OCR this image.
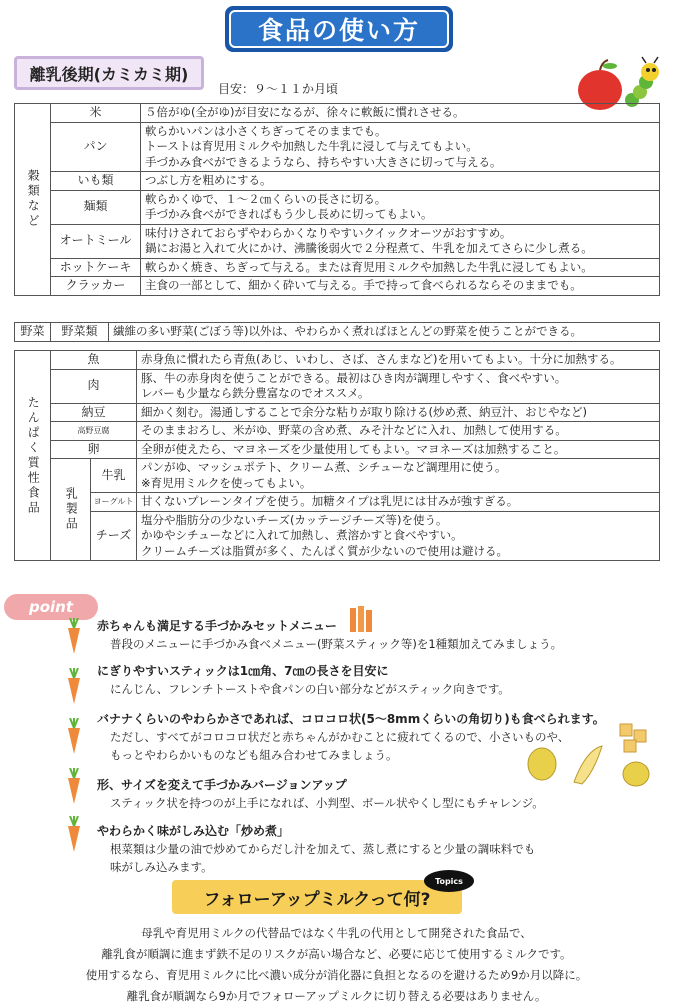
食品の使い方
離乳後期(カミカミ期)
目安：９～１１か月頃
穀類など	米	５倍がゆ(全がゆ)が目安になるが、徐々に軟飯に慣れさせる。

	パン	軟らかいパンは小さくちぎってそのままでも。
トーストは育児用ミルクや加熱した牛乳に浸して与えてもよい。
手づかみ食べができるようなら、持ちやすい大きさに切って与える。

	いも類	つぶし方を粗めにする。

	麺類	軟らかくゆで、１～２㎝くらいの長さに切る。
手づかみ食べができればもう少し長めに切ってもよい。

	オートミール	味付けされておらずやわらかくなりやすいクイックオーツがおすすめ。
鍋にお湯と入れて火にかけ、沸騰後弱火で２分程煮て、牛乳を加えてさらに少し煮る。

	ホットケーキ	軟らかく焼き、ちぎって与える。または育児用ミルクや加熱した牛乳に浸してもよい。

	クラッカー	主食の一部として、細かく砕いて与える。手で持って食べられるならそのままでも。
野菜	野菜類	繊維の多い野菜(ごぼう等)以外は、やわらかく煮ればほとんどの野菜を使うことができる。
たんぱく質性食品	魚		赤身魚に慣れたら青魚(あじ、いわし、さば、さんまなど)を用いてもよい。十分に加熱する。

	肉		豚、牛の赤身肉を使うことができる。最初はひき肉が調理しやすく、食べやすい。
レバーも少量なら鉄分豊富なのでオススメ。

	納豆		細かく刻む。湯通しすることで余分な粘りが取り除ける(炒め煮、納豆汁、おじやなど)

	高野豆腐		そのままおろし、米がゆ、野菜の含め煮、みそ汁などに入れ、加熱して使用する。

	卵		全卵が使えたら、マヨネーズを少量使用してもよい。マヨネーズは加熱すること。

	乳製品	牛乳	パンがゆ、マッシュポテト、クリーム煮、シチューなど調理用に使う。
※育児用ミルクを使ってもよい。

		ヨーグルト	甘くないプレーンタイプを使う。加糖タイプは乳児には甘みが強すぎる。

		チーズ	塩分や脂肪分の少ないチーズ(カッテージチーズ等)を使う。
かゆやシチューなどに入れて加熱し、煮溶かすと食べやすい。
クリームチーズは脂質が多く、たんぱく質が少ないので使用は避ける。
point
赤ちゃんも満足する手づかみセットメニュー
普段のメニューに手づかみ食べメニュー(野菜スティック等)を1種類加えてみましょう。
にぎりやすいスティックは1㎝角、7㎝の長さを目安に
にんじん、フレンチトーストや食パンの白い部分などがスティック向きです。
バナナくらいのやわらかさであれば、コロコロ状(5～8mmくらいの角切り)も食べられます。
ただし、すべてがコロコロ状だと赤ちゃんがかむことに疲れてくるので、小さいものや、
もっとやわらかいものなども組み合わせてみましょう。
形、サイズを変えて手づかみバージョンアップ
スティック状を持つのが上手になれば、小判型、ボール状やくし型にもチャレンジ。
やわらかく味がしみ込む「炒め煮」
根菜類は少量の油で炒めてからだし汁を加えて、蒸し煮にすると少量の調味料でも
味がしみ込みます。
フォローアップミルクって何?
Topics
母乳や育児用ミルクの代替品ではなく牛乳の代用として開発された食品で、
離乳食が順調に進まず鉄不足のリスクが高い場合など、必要に応じて使用するミルクです。
使用するなら、育児用ミルクに比べ濃い成分が消化器に負担となるのを避けるため9か月以降に。
離乳食が順調なら9か月でフォローアップミルクに切り替える必要はありません。
